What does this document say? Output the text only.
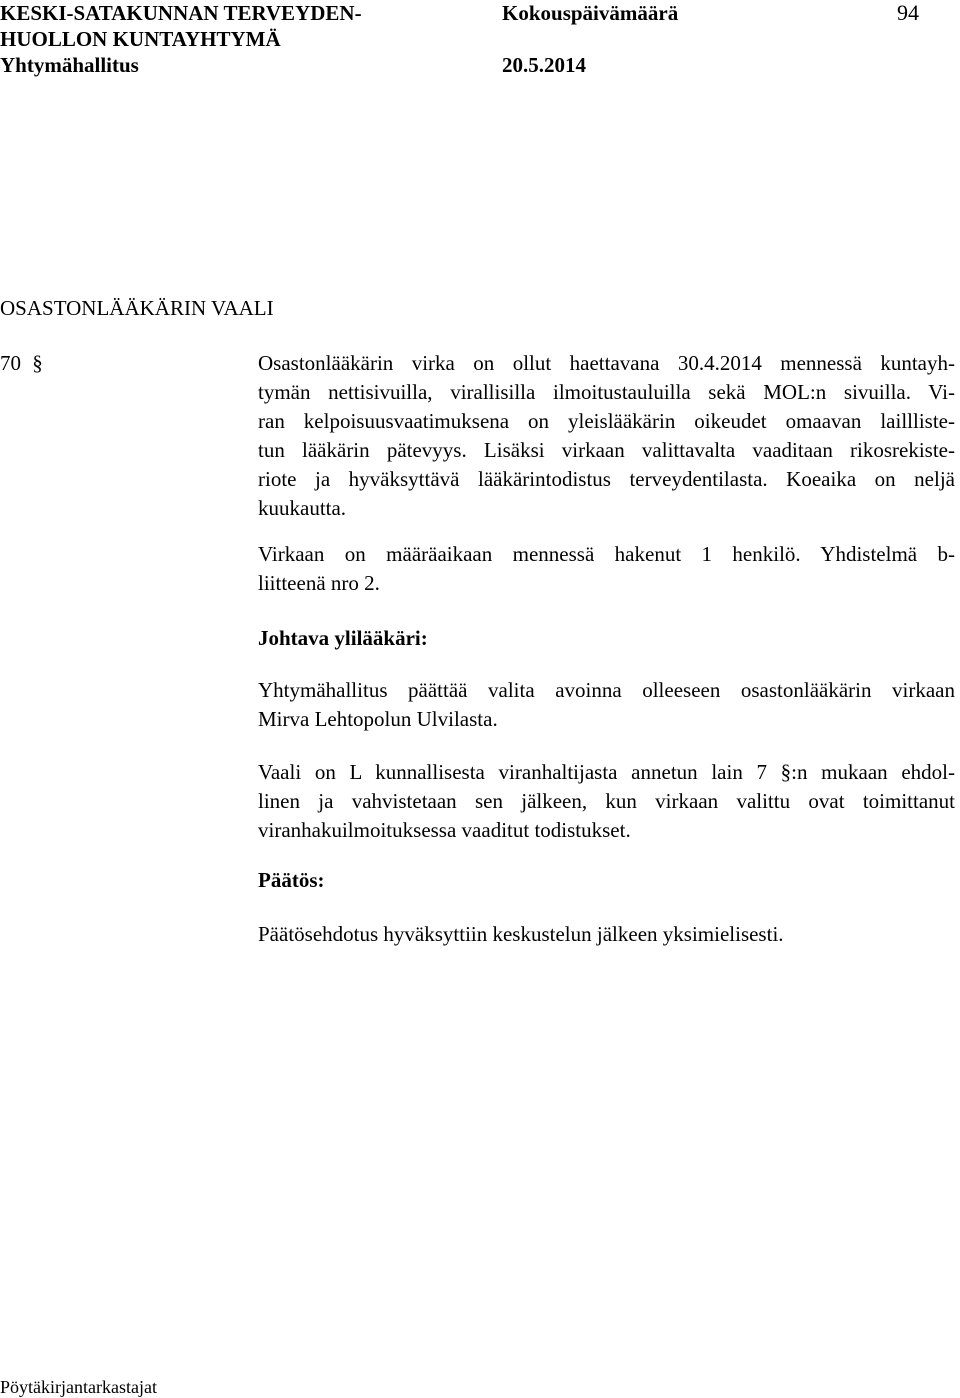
KESKI-SATAKUNNAN TERVEYDEN-
HUOLLON KUNTAYHTYMÄ
Yhtymähallitus
Kokouspäivämäärä
20.5.2014
94
OSASTONLÄÄKÄRIN VAALI
70 §	Osastonlääkärin virka on ollut haettavana 30.4.2014 mennessä kuntayh-
tymän nettisivuilla, virallisilla ilmoitustauluilla sekä MOL:n sivuilla. Vi-
ran kelpoisuusvaatimuksena on yleislääkärin oikeudet omaavan laillliste-
tun lääkärin pätevyys. Lisäksi virkaan valittavalta vaaditaan rikosrekiste-
riote ja hyväksyttävä lääkärintodistus terveydentilasta. Koeaika on neljä
kuukautta.
Virkaan on määräaikaan mennessä hakenut 1 henkilö. Yhdistelmä b-
liitteenä nro 2.
Johtava ylilääkäri:
Yhtymähallitus päättää valita avoinna olleeseen osastonlääkärin virkaan
Mirva Lehtopolun Ulvilasta.
Vaali on L kunnallisesta viranhaltijasta annetun lain 7 §:n mukaan ehdol-
linen ja vahvistetaan sen jälkeen, kun virkaan valittu ovat toimittanut
viranhakuilmoituksessa vaaditut todistukset.
Päätös:
Päätösehdotus hyväksyttiin keskustelun jälkeen yksimielisesti.
Pöytäkirjantarkastajat
